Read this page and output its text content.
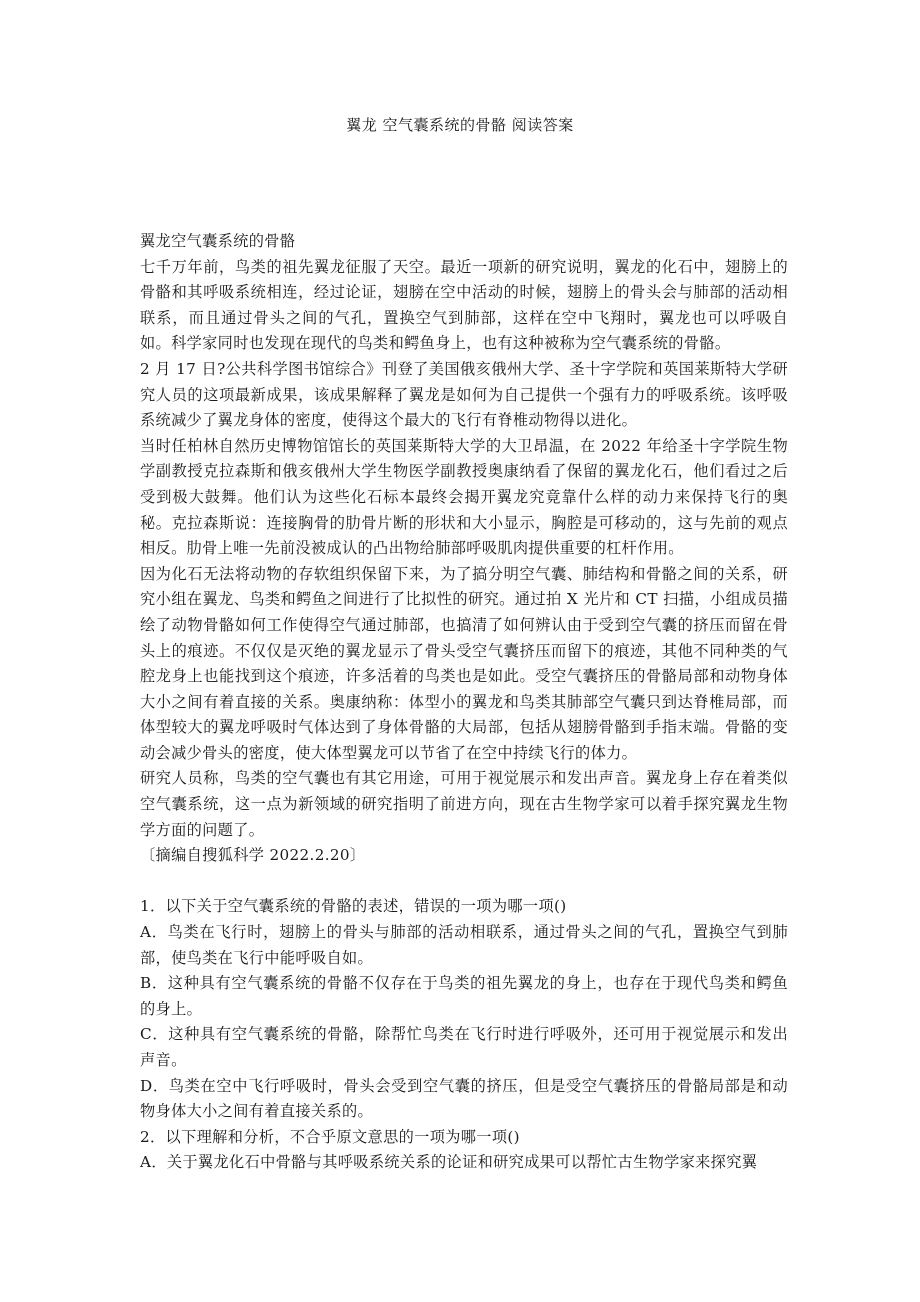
翼龙 空气囊系统的骨骼 阅读答案

翼龙空气囊系统的骨骼

七千万年前，鸟类的祖先翼龙征服了天空。最近一项新的研究说明，翼龙的化石中，翅膀上的骨骼和其呼吸系统相连，经过论证，翅膀在空中活动的时候，翅膀上的骨头会与肺部的活动相联系，而且通过骨头之间的气孔，置换空气到肺部，这样在空中飞翔时，翼龙也可以呼吸自如。科学家同时也发现在现代的鸟类和鳄鱼身上，也有这种被称为空气囊系统的骨骼。

2 月 17 日?公共科学图书馆综合》刊登了美国俄亥俄州大学、圣十字学院和英国莱斯特大学研究人员的这项最新成果，该成果解释了翼龙是如何为自己提供一个强有力的呼吸系统。该呼吸系统减少了翼龙身体的密度，使得这个最大的飞行有脊椎动物得以进化。

当时任柏林自然历史博物馆馆长的英国莱斯特大学的大卫昂温，在 2022 年给圣十字学院生物学副教授克拉森斯和俄亥俄州大学生物医学副教授奥康纳看了保留的翼龙化石，他们看过之后受到极大鼓舞。他们认为这些化石标本最终会揭开翼龙究竟靠什么样的动力来保持飞行的奥秘。克拉森斯说：连接胸骨的肋骨片断的形状和大小显示，胸腔是可移动的，这与先前的观点相反。肋骨上唯一先前没被成认的凸出物给肺部呼吸肌肉提供重要的杠杆作用。

因为化石无法将动物的存软组织保留下来，为了搞分明空气囊、肺结构和骨骼之间的关系，研究小组在翼龙、鸟类和鳄鱼之间进行了比拟性的研究。通过拍 X 光片和 CT 扫描，小组成员描绘了动物骨骼如何工作使得空气通过肺部，也搞清了如何辨认由于受到空气囊的挤压而留在骨头上的痕迹。不仅仅是灭绝的翼龙显示了骨头受空气囊挤压而留下的痕迹，其他不同种类的气腔龙身上也能找到这个痕迹，许多活着的鸟类也是如此。受空气囊挤压的骨骼局部和动物身体大小之间有着直接的关系。奥康纳称：体型小的翼龙和鸟类其肺部空气囊只到达脊椎局部，而体型较大的翼龙呼吸时气体达到了身体骨骼的大局部，包括从翅膀骨骼到手指末端。骨骼的变动会减少骨头的密度，使大体型翼龙可以节省了在空中持续飞行的体力。

研究人员称，鸟类的空气囊也有其它用途，可用于视觉展示和发出声音。翼龙身上存在着类似空气囊系统，这一点为新领域的研究指明了前进方向，现在古生物学家可以着手探究翼龙生物学方面的问题了。

〔摘编自搜狐科学 2022.2.20〕

1．以下关于空气囊系统的骨骼的表述，错误的一项为哪一项()

A．鸟类在飞行时，翅膀上的骨头与肺部的活动相联系，通过骨头之间的气孔，置换空气到肺部，使鸟类在飞行中能呼吸自如。

B．这种具有空气囊系统的骨骼不仅存在于鸟类的祖先翼龙的身上，也存在于现代鸟类和鳄鱼的身上。

C．这种具有空气囊系统的骨骼，除帮忙鸟类在飞行时进行呼吸外，还可用于视觉展示和发出声音。

D．鸟类在空中飞行呼吸时，骨头会受到空气囊的挤压，但是受空气囊挤压的骨骼局部是和动物身体大小之间有着直接关系的。

2．以下理解和分析，不合乎原文意思的一项为哪一项()

A．关于翼龙化石中骨骼与其呼吸系统关系的论证和研究成果可以帮忙古生物学家来探究翼
